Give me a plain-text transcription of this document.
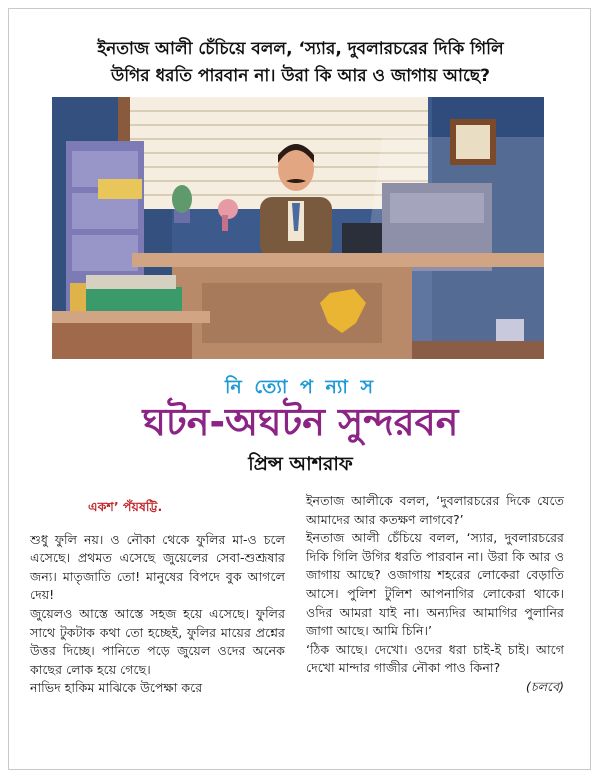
ইনতাজ আলী চেঁচিয়ে বলল, ‘স্যার, দুবলারচরের দিকি গিলি
উগির ধরতি পারবান না। উরা কি আর ও জাগায় আছে?
নি ত্যো প ন্যা স
ঘটন-অঘটন সুন্দরবন
প্রিন্স আশরাফ

একশ’ পঁয়ষট্টি.

শুধু ফুলি নয়। ও নৌকা থেকে ফুলির মা-ও চলে এসেছে। প্রথমত এসেছে জুয়েলের সেবা-শুশ্রূষার জন্য। মাতৃজাতি তো! মানুষের বিপদে বুক আগলে দেয়!

জুয়েলও আস্তে আস্তে সহজ হয়ে এসেছে। ফুলির সাথে টুকটাক কথা তো হচ্ছেই, ফুলির মায়ের প্রশ্নের উত্তর দিচ্ছে। পানিতে পড়ে জুয়েল ওদের অনেক কাছের লোক হয়ে গেছে।

নাভিদ হাকিম মাঝিকে উপেক্ষা করে

ইনতাজ আলীকে বলল, ‘দুবলারচরের দিকে যেতে আমাদের আর কতক্ষণ লাগবে?’

ইনতাজ আলী চেঁচিয়ে বলল, ‘স্যার, দুবলারচরের দিকি গিলি উগির ধরতি পারবান না। উরা কি আর ও জাগায় আছে? ওজাগায় শহরের লোকেরা বেড়াতি আসে। পুলিশ টুলিশ আপনাগির লোকেরা থাকে। ওদির আমরা যাই না। অন্যদির আমাগির পুলানির জাগা আছে। আমি চিনি।’

‘ঠিক আছে। দেখো। ওদের ধরা চাই-ই চাই। আগে দেখো মান্দার গাজীর নৌকা পাও কিনা?

(চলবে)
